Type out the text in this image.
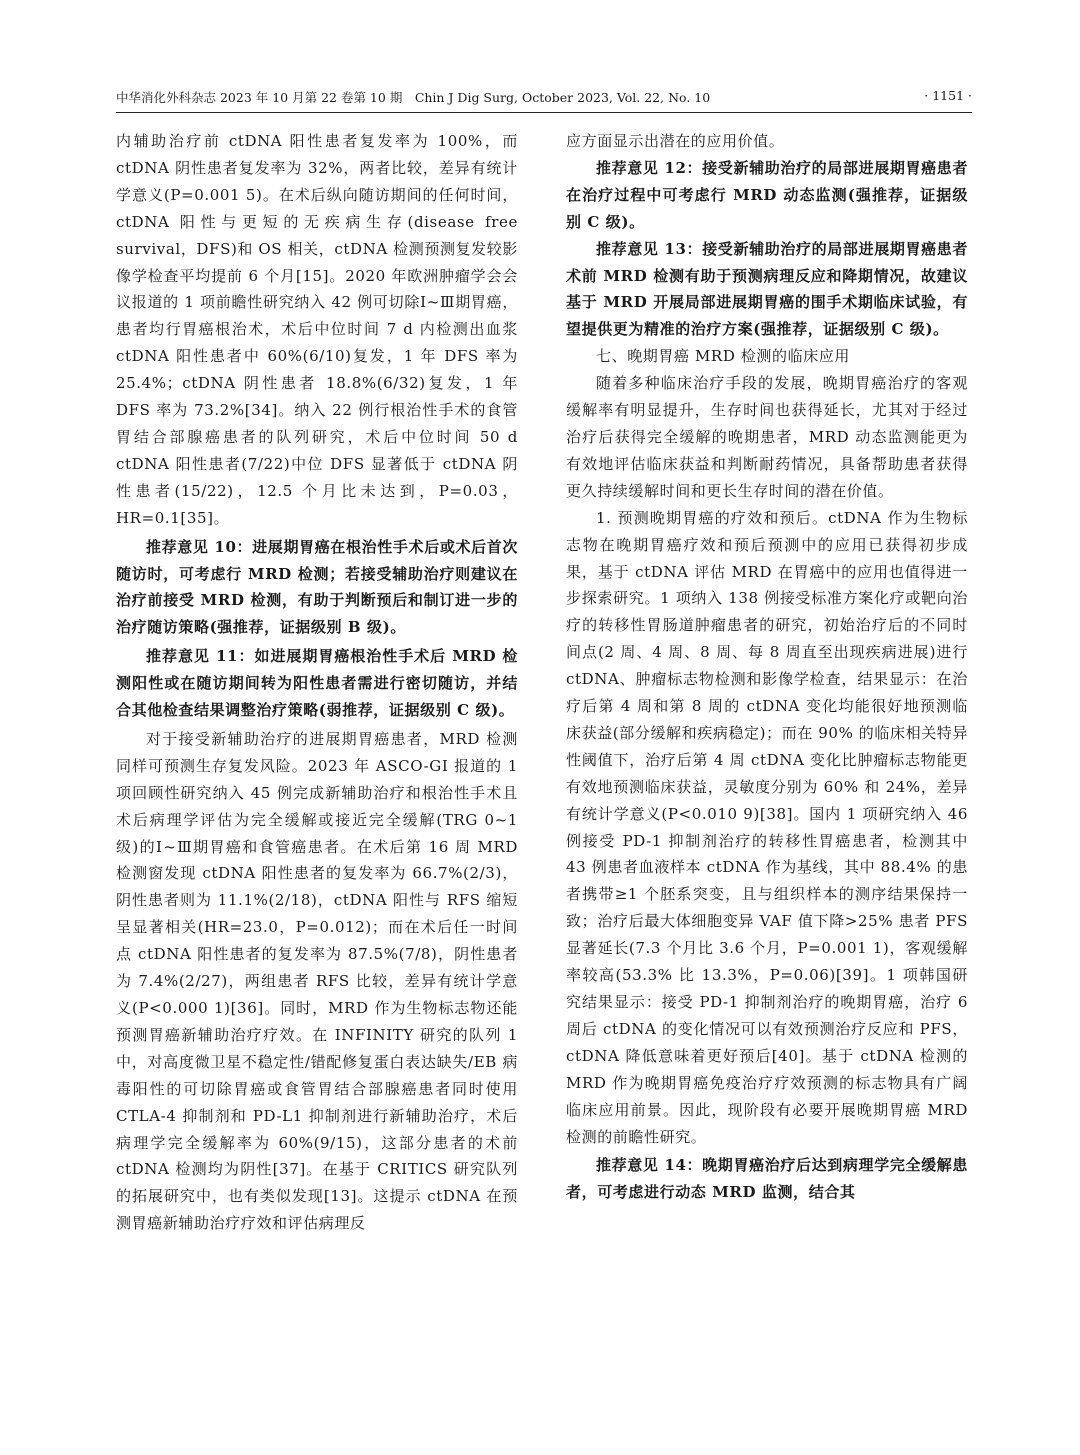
中华消化外科杂志 2023 年 10 月第 22 卷第 10 期　Chin J Dig Surg, October 2023, Vol. 22, No. 10	· 1151 ·

内辅助治疗前 ctDNA 阳性患者复发率为 100%，而 ctDNA 阴性患者复发率为 32%，两者比较，差异有统计学意义(P=0.001 5)。在术后纵向随访期间的任何时间，ctDNA 阳性与更短的无疾病生存(disease free survival，DFS)和 OS 相关，ctDNA 检测预测复发较影像学检查平均提前 6 个月[15]。2020 年欧洲肿瘤学会会议报道的 1 项前瞻性研究纳入 42 例可切除Ⅰ~Ⅲ期胃癌，患者均行胃癌根治术，术后中位时间 7 d 内检测出血浆 ctDNA 阳性患者中 60%(6/10)复发，1 年 DFS 率为 25.4%；ctDNA 阴性患者 18.8%(6/32)复发，1 年 DFS 率为 73.2%[34]。纳入 22 例行根治性手术的食管胃结合部腺癌患者的队列研究，术后中位时间 50 d ctDNA 阳性患者(7/22)中位 DFS 显著低于 ctDNA 阴性患者(15/22)，12.5 个月比未达到，P=0.03，HR=0.1[35]。

推荐意见 10：进展期胃癌在根治性手术后或术后首次随访时，可考虑行 MRD 检测；若接受辅助治疗则建议在治疗前接受 MRD 检测，有助于判断预后和制订进一步的治疗随访策略(强推荐，证据级别 B 级)。

推荐意见 11：如进展期胃癌根治性手术后 MRD 检测阳性或在随访期间转为阳性患者需进行密切随访，并结合其他检查结果调整治疗策略(弱推荐，证据级别 C 级)。

对于接受新辅助治疗的进展期胃癌患者，MRD 检测同样可预测生存复发风险。2023 年 ASCO-GI 报道的 1 项回顾性研究纳入 45 例完成新辅助治疗和根治性手术且术后病理学评估为完全缓解或接近完全缓解(TRG 0~1 级)的Ⅰ~Ⅲ期胃癌和食管癌患者。在术后第 16 周 MRD 检测窗发现 ctDNA 阳性患者的复发率为 66.7%(2/3)，阴性患者则为 11.1%(2/18)，ctDNA 阳性与 RFS 缩短呈显著相关(HR=23.0，P=0.012)；而在术后任一时间点 ctDNA 阳性患者的复发率为 87.5%(7/8)，阴性患者为 7.4%(2/27)，两组患者 RFS 比较，差异有统计学意义(P<0.000 1)[36]。同时，MRD 作为生物标志物还能预测胃癌新辅助治疗疗效。在 INFINITY 研究的队列 1 中，对高度微卫星不稳定性/错配修复蛋白表达缺失/EB 病毒阳性的可切除胃癌或食管胃结合部腺癌患者同时使用 CTLA-4 抑制剂和 PD-L1 抑制剂进行新辅助治疗，术后病理学完全缓解率为 60%(9/15)，这部分患者的术前 ctDNA 检测均为阴性[37]。在基于 CRITICS 研究队列的拓展研究中，也有类似发现[13]。这提示 ctDNA 在预测胃癌新辅助治疗疗效和评估病理反

应方面显示出潜在的应用价值。

推荐意见 12：接受新辅助治疗的局部进展期胃癌患者在治疗过程中可考虑行 MRD 动态监测(强推荐，证据级别 C 级)。

推荐意见 13：接受新辅助治疗的局部进展期胃癌患者术前 MRD 检测有助于预测病理反应和降期情况，故建议基于 MRD 开展局部进展期胃癌的围手术期临床试验，有望提供更为精准的治疗方案(强推荐，证据级别 C 级)。

七、晚期胃癌 MRD 检测的临床应用

随着多种临床治疗手段的发展，晚期胃癌治疗的客观缓解率有明显提升，生存时间也获得延长，尤其对于经过治疗后获得完全缓解的晚期患者，MRD 动态监测能更为有效地评估临床获益和判断耐药情况，具备帮助患者获得更久持续缓解时间和更长生存时间的潜在价值。

1. 预测晚期胃癌的疗效和预后。ctDNA 作为生物标志物在晚期胃癌疗效和预后预测中的应用已获得初步成果，基于 ctDNA 评估 MRD 在胃癌中的应用也值得进一步探索研究。1 项纳入 138 例接受标准方案化疗或靶向治疗的转移性胃肠道肿瘤患者的研究，初始治疗后的不同时间点(2 周、4 周、8 周、每 8 周直至出现疾病进展)进行 ctDNA、肿瘤标志物检测和影像学检查，结果显示：在治疗后第 4 周和第 8 周的 ctDNA 变化均能很好地预测临床获益(部分缓解和疾病稳定)；而在 90% 的临床相关特异性阈值下，治疗后第 4 周 ctDNA 变化比肿瘤标志物能更有效地预测临床获益，灵敏度分别为 60% 和 24%，差异有统计学意义(P<0.010 9)[38]。国内 1 项研究纳入 46 例接受 PD-1 抑制剂治疗的转移性胃癌患者，检测其中 43 例患者血液样本 ctDNA 作为基线，其中 88.4% 的患者携带≥1 个胚系突变，且与组织样本的测序结果保持一致；治疗后最大体细胞变异 VAF 值下降>25% 患者 PFS 显著延长(7.3 个月比 3.6 个月，P=0.001 1)，客观缓解率较高(53.3% 比 13.3%，P=0.06)[39]。1 项韩国研究结果显示：接受 PD-1 抑制剂治疗的晚期胃癌，治疗 6 周后 ctDNA 的变化情况可以有效预测治疗反应和 PFS，ctDNA 降低意味着更好预后[40]。基于 ctDNA 检测的 MRD 作为晚期胃癌免疫治疗疗效预测的标志物具有广阔临床应用前景。因此，现阶段有必要开展晚期胃癌 MRD 检测的前瞻性研究。

推荐意见 14：晚期胃癌治疗后达到病理学完全缓解患者，可考虑进行动态 MRD 监测，结合其
